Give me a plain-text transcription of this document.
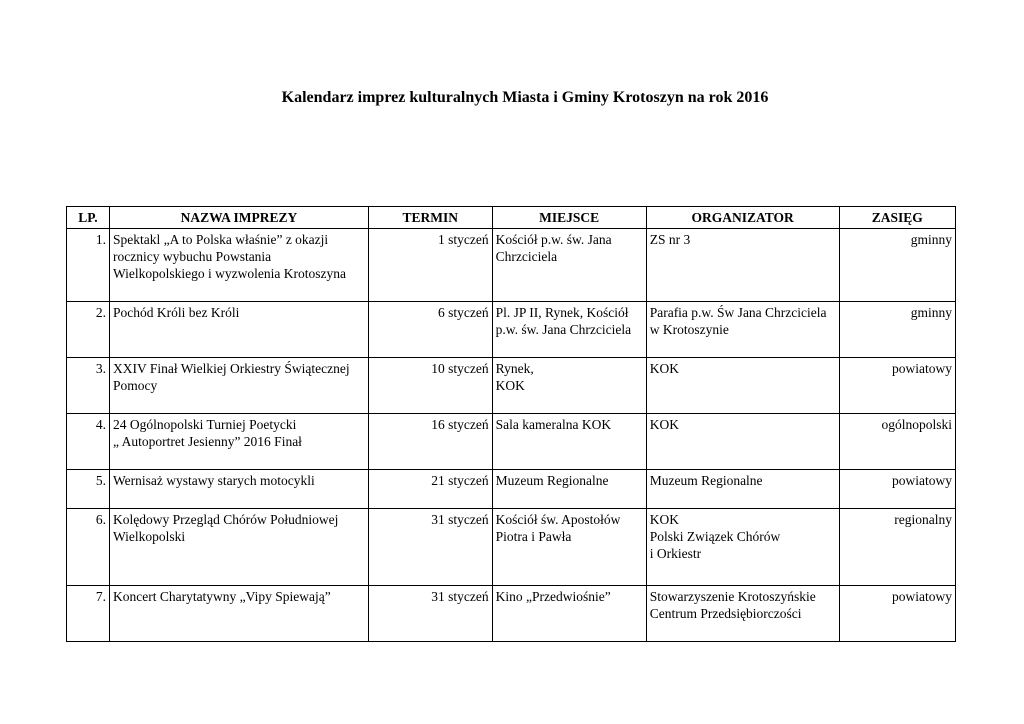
Kalendarz imprez kulturalnych Miasta i Gminy Krotoszyn na rok 2016
LP.	NAZWA IMPREZY	TERMIN	MIEJSCE	ORGANIZATOR	ZASIĘG
1.	Spektakl „A to Polska właśnie” z okazji rocznicy wybuchu Powstania Wielkopolskiego i wyzwolenia Krotoszyna	1 styczeń	Kościół p.w. św. Jana Chrzciciela	ZS nr 3	gminny
2.	Pochód Króli bez Króli	6 styczeń	Pl. JP II, Rynek, Kościół p.w. św. Jana Chrzciciela	Parafia p.w. Św Jana Chrzciciela w Krotoszynie	gminny
3.	XXIV Finał Wielkiej Orkiestry Świątecznej Pomocy	10 styczeń	Rynek,
KOK	KOK	powiatowy
4.	24 Ogólnopolski Turniej Poetycki
„ Autoportret Jesienny” 2016 Finał	16 styczeń	Sala kameralna KOK	KOK	ogólnopolski
5.	Wernisaż wystawy starych motocykli	21 styczeń	Muzeum Regionalne	Muzeum Regionalne	powiatowy
6.	Kolędowy Przegląd Chórów Południowej Wielkopolski	31 styczeń	Kościół św. Apostołów Piotra i Pawła	KOK
Polski Związek Chórów
i Orkiestr	regionalny
7.	Koncert Charytatywny „Vipy Spiewają”	31 styczeń	Kino „Przedwiośnie”	Stowarzyszenie Krotoszyńskie Centrum Przedsiębiorczości	powiatowy
